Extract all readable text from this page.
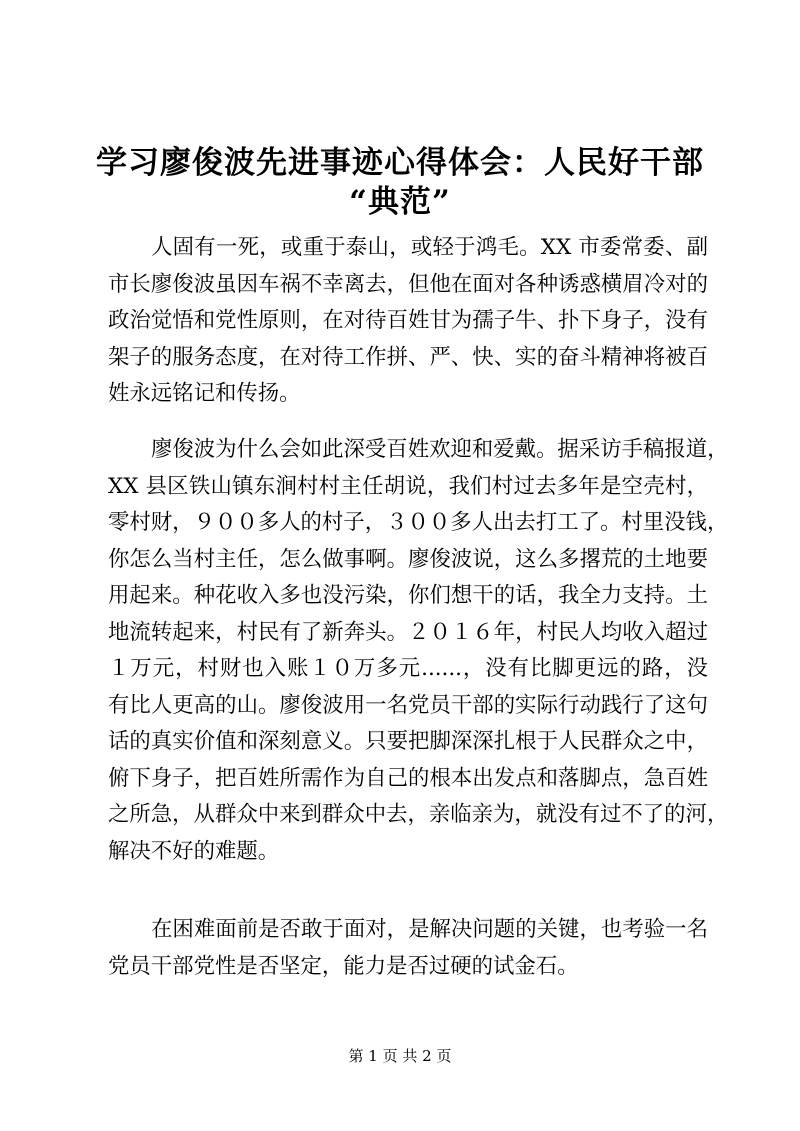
学习廖俊波先进事迹心得体会：人民好干部
“典范”
人固有一死，或重于泰山，或轻于鸿毛。XX 市委常委、副
市长廖俊波虽因车祸不幸离去，但他在面对各种诱惑横眉冷对的
政治觉悟和党性原则，在对待百姓甘为孺子牛、扑下身子，没有
架子的服务态度，在对待工作拼、严、快、实的奋斗精神将被百
姓永远铭记和传扬。
廖俊波为什么会如此深受百姓欢迎和爱戴。据采访手稿报道，
XX 县区铁山镇东涧村村主任胡说，我们村过去多年是空壳村，
零村财，９００多人的村子，３００多人出去打工了。村里没钱，
你怎么当村主任，怎么做事啊。廖俊波说，这么多撂荒的土地要
用起来。种花收入多也没污染，你们想干的话，我全力支持。土
地流转起来，村民有了新奔头。２０１６年，村民人均收入超过
１万元，村财也入账１０万多元......，没有比脚更远的路，没
有比人更高的山。廖俊波用一名党员干部的实际行动践行了这句
话的真实价值和深刻意义。只要把脚深深扎根于人民群众之中，
俯下身子，把百姓所需作为自己的根本出发点和落脚点，急百姓
之所急，从群众中来到群众中去，亲临亲为，就没有过不了的河，
解决不好的难题。
在困难面前是否敢于面对，是解决问题的关键，也考验一名
党员干部党性是否坚定，能力是否过硬的试金石。
第 1 页 共 2 页
